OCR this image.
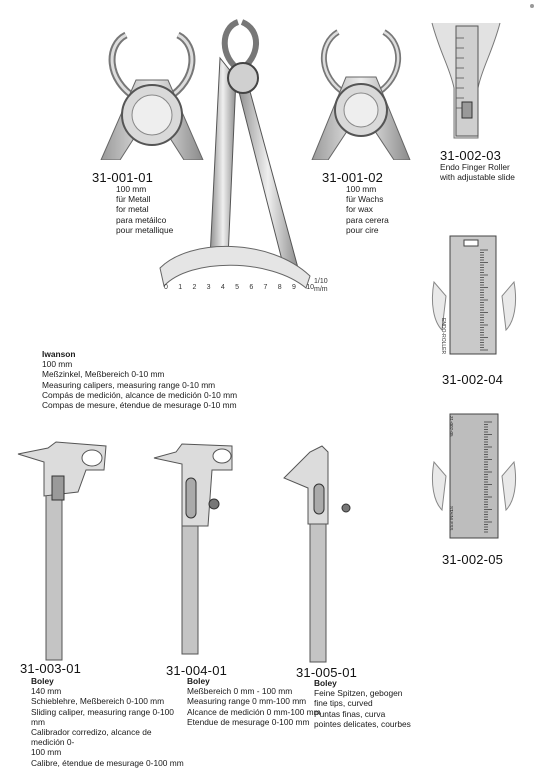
0 1 2 3 4 5 6 7 8 9 10
1/10
m/m
31-002-03
Endo Finger Roller
with adjustable slide
31-001-01
100 mm
für Metall
for metal
para metáilco
pour metallique
31-001-02
100 mm
für Wachs
for wax
para cerera
pour cire
ENDO-ROLLER
31-002-04
31-002-05
STAINLESS
31-002-05
Iwanson
100 mm
Meßzinkel, Meßbereich 0-10 mm
Measuring calipers, measuring range 0-10 mm
Compás de medición, alcance de medición 0-10 mm
Compas de mesure, étendue de mesurage 0-10 mm
31-003-01
Boley
140 mm
Schieblehre, Meßbereich 0-100 mm
Sliding caliper, measuring range 0-100 mm
Calibrador corredizo, alcance de medición 0-
100 mm
Calibre, étendue de mesurage 0-100 mm
31-004-01
Boley
Meßbereich 0 mm - 100 mm
Measuring range 0 mm-100 mm
Alcance de medición 0 mm-100 mm
Etendue de mesurage 0-100 mm
31-005-01
Boley
Feine Spitzen, gebogen
fine tips, curved
Puntas finas, curva
pointes delicates, courbes
